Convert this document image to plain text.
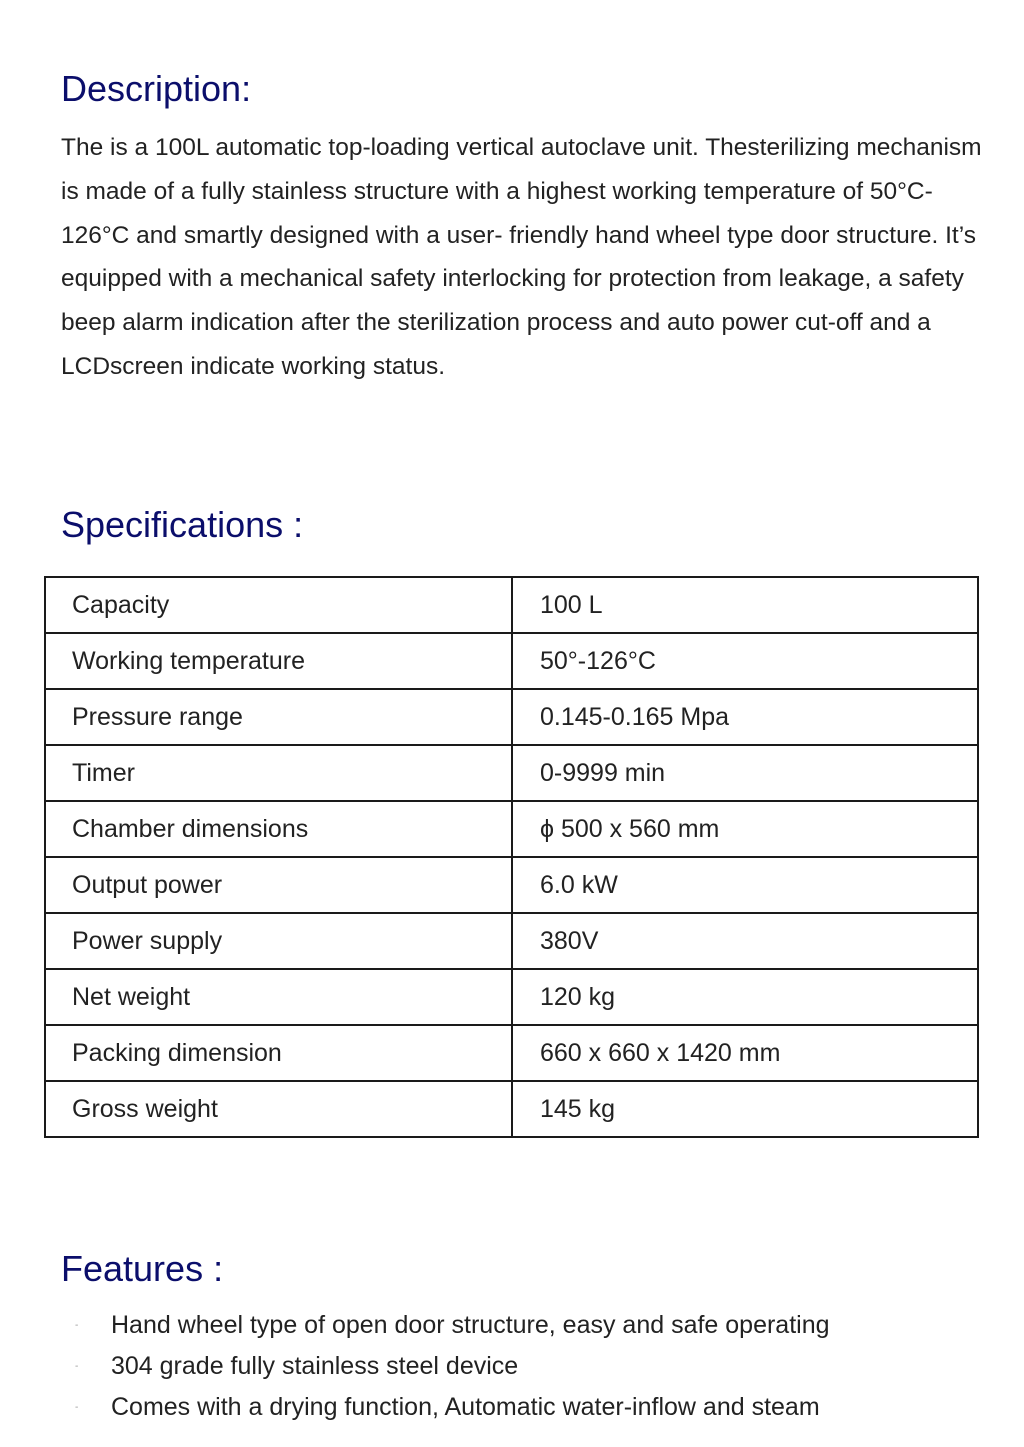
Description:

The is a 100L automatic top-loading vertical autoclave unit. Thesterilizing mechanism is made of a fully stainless structure with a highest working temperature of 50°C-126°C and smartly designed with a user- friendly hand wheel type door structure. It’s equipped with a mechanical safety interlocking for protection from leakage, a safety beep alarm indication after the sterilization process and auto power cut-off and a LCDscreen indicate working status.

Specifications :
Capacity	100 L
Working temperature	50°-126°C
Pressure range	0.145-0.165 Mpa
Timer	0-9999 min
Chamber dimensions	ϕ 500 x 560 mm
Output power	6.0 kW
Power supply	380V
Net weight	120 kg
Packing dimension	660 x 660 x 1420 mm
Gross weight	145 kg
Features :
- Hand wheel type of open door structure, easy and safe operating
- 304 grade fully stainless steel device
- Comes with a drying function, Automatic water-inflow and steam
